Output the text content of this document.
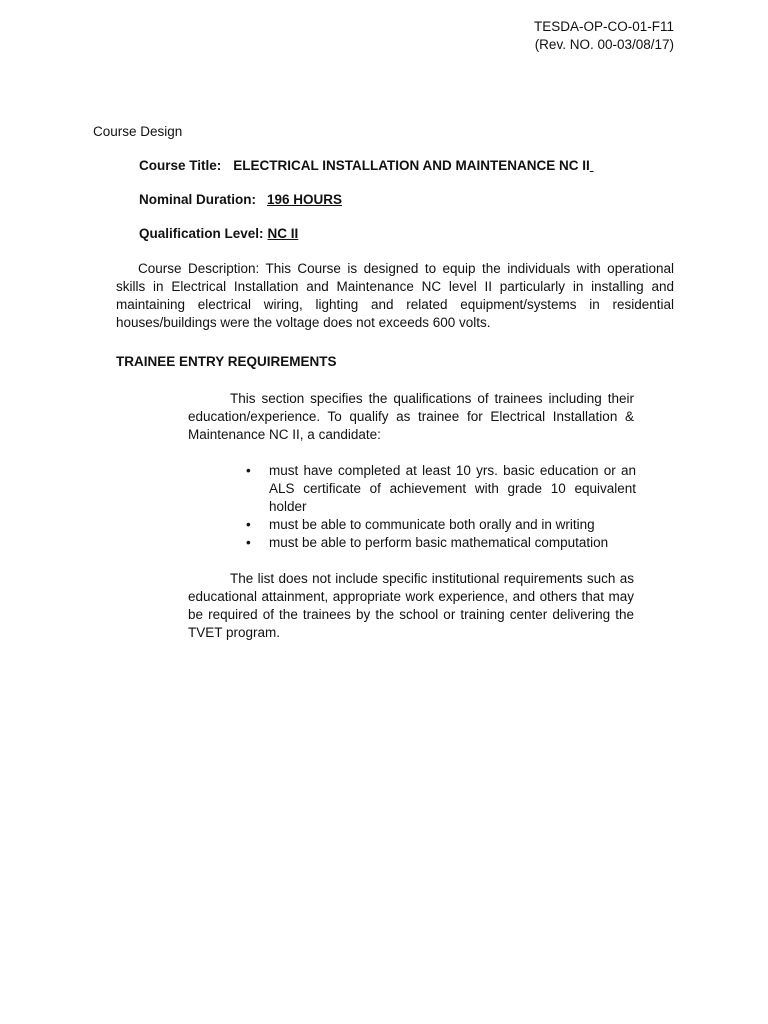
TESDA-OP-CO-01-F11
(Rev. NO. 00-03/08/17)
Course Design
Course Title: ELECTRICAL INSTALLATION AND MAINTENANCE NC II
Nominal Duration: 196 HOURS
Qualification Level: NC II
Course Description: This Course is designed to equip the individuals with operational skills in Electrical Installation and Maintenance NC level II particularly in installing and maintaining electrical wiring, lighting and related equipment/systems in residential houses/buildings were the voltage does not exceeds 600 volts.
TRAINEE ENTRY REQUIREMENTS
This section specifies the qualifications of trainees including their education/experience. To qualify as trainee for Electrical Installation & Maintenance NC II, a candidate:
• must have completed at least 10 yrs. basic education or an ALS certificate of achievement with grade 10 equivalent holder
• must be able to communicate both orally and in writing
• must be able to perform basic mathematical computation
The list does not include specific institutional requirements such as educational attainment, appropriate work experience, and others that may be required of the trainees by the school or training center delivering the TVET program.
